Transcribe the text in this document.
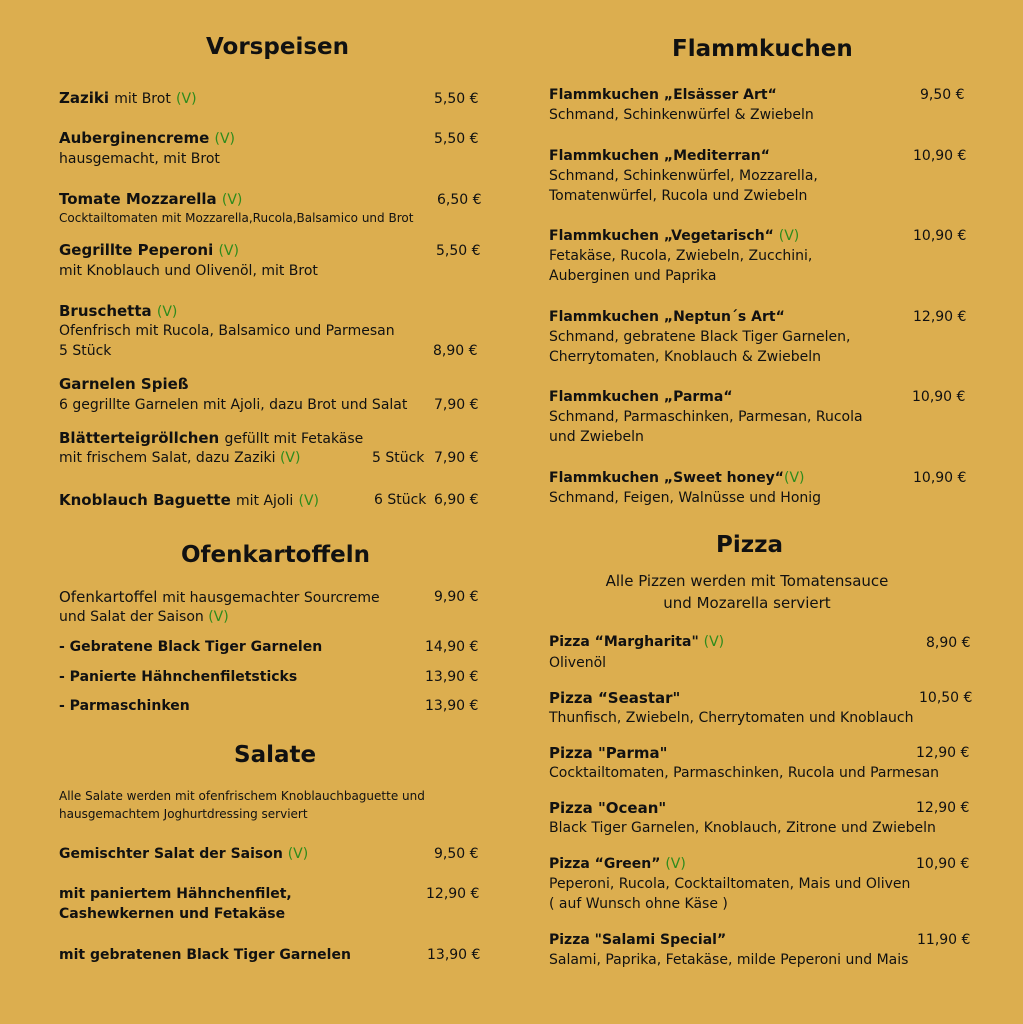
Vorspeisen
Zaziki mit Brot (V)	5,50 €
Auberginencreme (V)
hausgemacht, mit Brot
5,50 €
Tomate Mozzarella (V)
Cocktailtomaten mit Mozzarella,Rucola,Balsamico und Brot
6,50 €
Gegrillte Peperoni (V)
mit Knoblauch und Olivenöl, mit Brot
5,50 €
Bruschetta (V)
Ofenfrisch mit Rucola, Balsamico und Parmesan
5 Stück	8,90 €
Garnelen Spieß
6 gegrillte Garnelen mit Ajoli, dazu Brot und Salat 7,90 €
Blätterteigröllchen gefüllt mit Fetakäse
mit frischem Salat, dazu Zaziki (V)	5 Stück 7,90 €
Knoblauch Baguette mit Ajoli (V)	6 Stück 6,90 €
Ofenkartoffeln
Ofenkartoffel mit hausgemachter Sourcreme
und Salat der Saison (V)
9,90 €
- Gebratene Black Tiger Garnelen	14,90 €
- Panierte Hähnchenfiletsticks	13,90 €
- Parmaschinken	13,90 €
Salate
Alle Salate werden mit ofenfrischem Knoblauchbaguette und
hausgemachtem Joghurtdressing serviert
Gemischter Salat der Saison (V)	9,50 €
mit paniertem Hähnchenfilet,
Cashewkernen und Fetakäse
12,90 €
mit gebratenen Black Tiger Garnelen	13,90 €
Flammkuchen
Flammkuchen „Elsässer Art“
Schmand, Schinkenwürfel & Zwiebeln
9,50 €
Flammkuchen „Mediterran“
Schmand, Schinkenwürfel, Mozzarella,
Tomatenwürfel, Rucola und Zwiebeln
10,90 €
Flammkuchen „Vegetarisch“ (V)
Fetakäse, Rucola, Zwiebeln, Zucchini,
Auberginen und Paprika
10,90 €
Flammkuchen „Neptun´s Art“
Schmand, gebratene Black Tiger Garnelen,
Cherrytomaten, Knoblauch & Zwiebeln
12,90 €
Flammkuchen „Parma“
Schmand, Parmaschinken, Parmesan, Rucola
und Zwiebeln
10,90 €
Flammkuchen „Sweet honey“(V)
Schmand, Feigen, Walnüsse und Honig
10,90 €
Pizza
Alle Pizzen werden mit Tomatensauce
und Mozarella serviert
Pizza “Margharita" (V)
Olivenöl
8,90 €
Pizza “Seastar"
Thunfisch, Zwiebeln, Cherrytomaten und Knoblauch
10,50 €
Pizza "Parma"
Cocktailtomaten, Parmaschinken, Rucola und Parmesan
12,90 €
Pizza "Ocean"
Black Tiger Garnelen, Knoblauch, Zitrone und Zwiebeln
12,90 €
Pizza “Green” (V)
Peperoni, Rucola, Cocktailtomaten, Mais und Oliven
( auf Wunsch ohne Käse )
10,90 €
Pizza "Salami Special”
Salami, Paprika, Fetakäse, milde Peperoni und Mais
11,90 €
